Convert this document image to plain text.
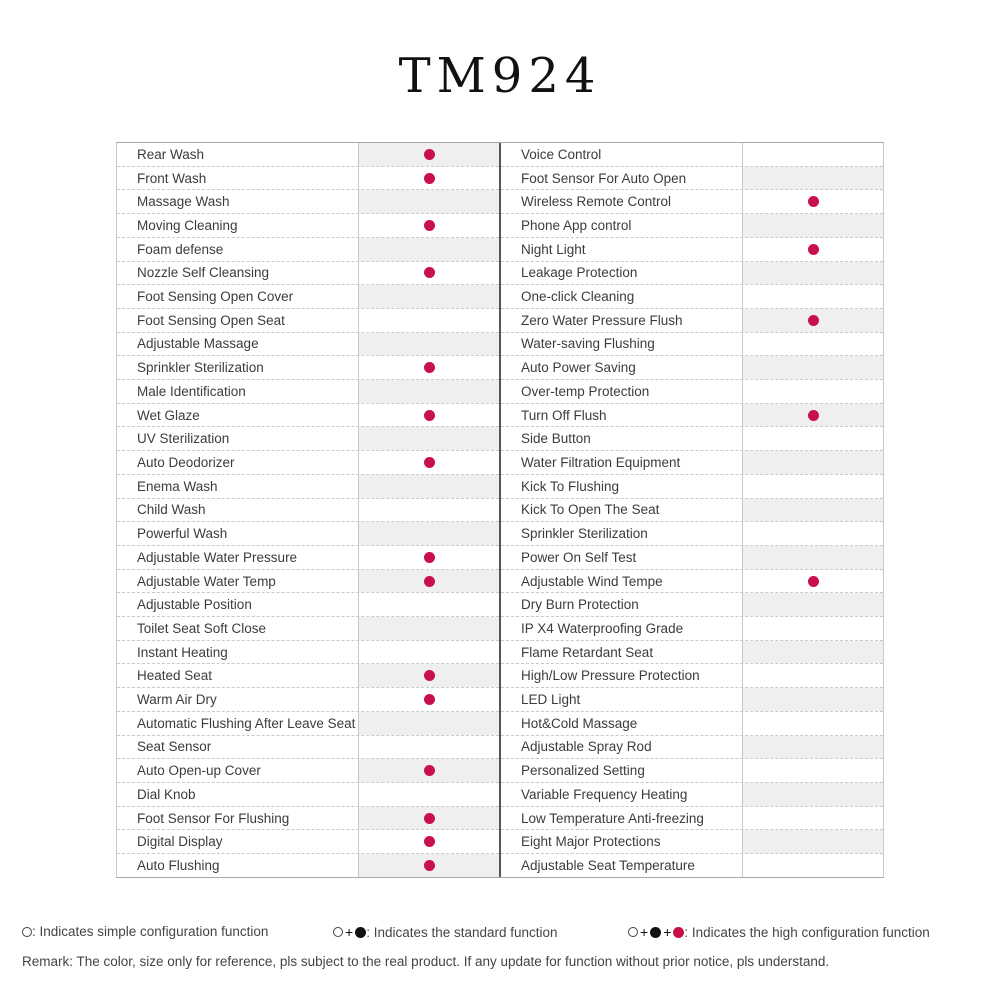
TM924
Rear Wash
Front Wash
Massage Wash
Moving Cleaning
Foam defense
Nozzle Self Cleansing
Foot Sensing Open Cover
Foot Sensing Open Seat
Adjustable Massage
Sprinkler Sterilization
Male Identification
Wet Glaze
UV Sterilization
Auto Deodorizer
Enema Wash
Child Wash
Powerful Wash
Adjustable Water Pressure
Adjustable Water Temp
Adjustable Position
Toilet Seat Soft Close
Instant Heating
Heated Seat
Warm Air Dry
Automatic Flushing After Leave Seat
Seat Sensor
Auto Open-up Cover
Dial Knob
Foot Sensor For Flushing
Digital Display
Auto Flushing
Voice Control
Foot Sensor For Auto Open
Wireless Remote Control
Phone App control
Night Light
Leakage Protection
One-click Cleaning
Zero Water Pressure Flush
Water-saving Flushing
Auto Power Saving
Over-temp Protection
Turn Off Flush
Side Button
Water Filtration Equipment
Kick To Flushing
Kick To Open The Seat
Sprinkler Sterilization
Power On Self Test
Adjustable Wind Tempe
Dry Burn Protection
IP X4 Waterproofing Grade
Flame Retardant Seat
High/Low Pressure Protection
LED Light
Hot&Cold Massage
Adjustable Spray Rod
Personalized Setting
Variable Frequency Heating
Low Temperature Anti-freezing
Eight Major Protections
Adjustable Seat Temperature
: Indicates simple configuration function	+ : Indicates the standard function	+ + : Indicates the high configuration function
Remark: The color, size only for reference, pls subject to the real product. If any update for function without prior notice, pls understand.
